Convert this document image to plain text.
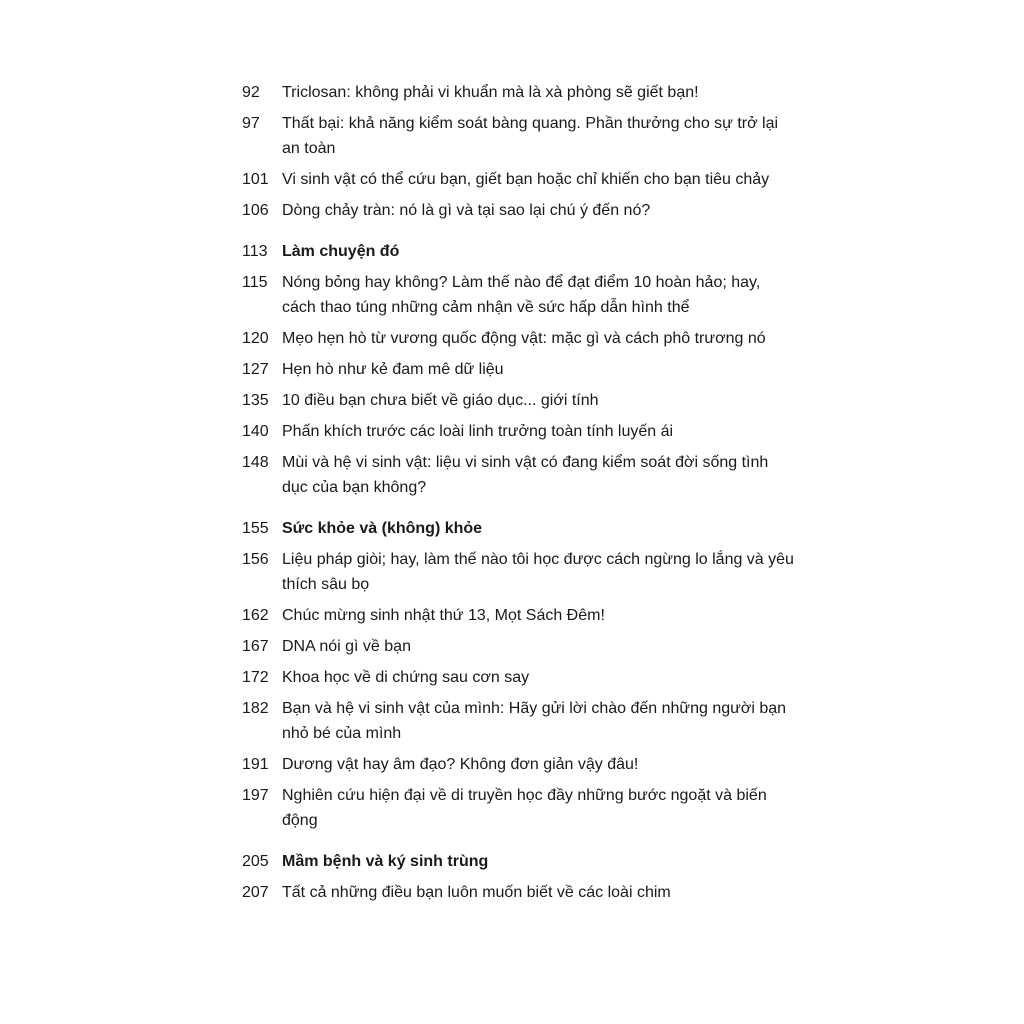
92	Triclosan: không phải vi khuẩn mà là xà phòng sẽ giết bạn!
97	Thất bại: khả năng kiểm soát bàng quang. Phần thưởng cho sự trở lại an toàn
101 Vi sinh vật có thể cứu bạn, giết bạn hoặc chỉ khiến cho bạn tiêu chảy
106 Dòng chảy tràn: nó là gì và tại sao lại chú ý đến nó?
113 Làm chuyện đó
115 Nóng bỏng hay không? Làm thế nào để đạt điểm 10 hoàn hảo; hay, cách thao túng những cảm nhận về sức hấp dẫn hình thể
120 Mẹo hẹn hò từ vương quốc động vật: mặc gì và cách phô trương nó
127 Hẹn hò như kẻ đam mê dữ liệu
135 10 điều bạn chưa biết về giáo dục... giới tính
140 Phấn khích trước các loài linh trưởng toàn tính luyến ái
148 Mùi và hệ vi sinh vật: liệu vi sinh vật có đang kiểm soát đời sống tình dục của bạn không?
155 Sức khỏe và (không) khỏe
156 Liệu pháp giòi; hay, làm thế nào tôi học được cách ngừng lo lắng và yêu thích sâu bọ
162 Chúc mừng sinh nhật thứ 13, Mọt Sách Đêm!
167 DNA nói gì về bạn
172 Khoa học về di chứng sau cơn say
182 Bạn và hệ vi sinh vật của mình: Hãy gửi lời chào đến những người bạn nhỏ bé của mình
191 Dương vật hay âm đạo? Không đơn giản vậy đâu!
197 Nghiên cứu hiện đại về di truyền học đầy những bước ngoặt và biến động
205 Mầm bệnh và ký sinh trùng
207 Tất cả những điều bạn luôn muốn biết về các loài chim
